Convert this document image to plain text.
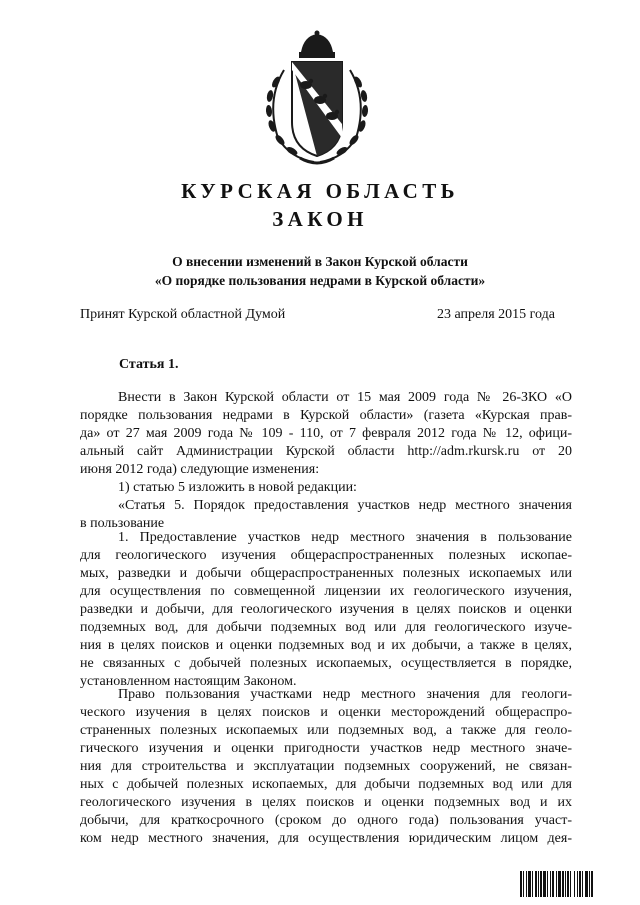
КУРСКАЯ ОБЛАСТЬ
ЗАКОН
О внесении изменений в Закон Курской области
«О порядке пользования недрами в Курской области»
Принят Курской областной Думой	23 апреля 2015 года
Статья 1.
Внести в Закон Курской области от 15 мая 2009 года № 26-ЗКО «О
порядке пользования недрами в Курской области» (газета «Курская прав-
да» от 27 мая 2009 года № 109 - 110, от 7 февраля 2012 года № 12, офици-
альный сайт Администрации Курской области http://adm.rkursk.ru от 20
июня 2012 года) следующие изменения:
1) статью 5 изложить в новой редакции:
«Статья 5. Порядок предоставления участков недр местного значения
в пользование
1. Предоставление участков недр местного значения в пользование
для геологического изучения общераспространенных полезных ископае-
мых, разведки и добычи общераспространенных полезных ископаемых или
для осуществления по совмещенной лицензии их геологического изучения,
разведки и добычи, для геологического изучения в целях поисков и оценки
подземных вод, для добычи подземных вод или для геологического изуче-
ния в целях поисков и оценки подземных вод и их добычи, а также в целях,
не связанных с добычей полезных ископаемых, осуществляется в порядке,
установленном настоящим Законом.
Право пользования участками недр местного значения для геологи-
ческого изучения в целях поисков и оценки месторождений общераспро-
страненных полезных ископаемых или подземных вод, а также для геоло-
гического изучения и оценки пригодности участков недр местного значе-
ния для строительства и эксплуатации подземных сооружений, не связан-
ных с добычей полезных ископаемых, для добычи подземных вод или для
геологического изучения в целях поисков и оценки подземных вод и их
добычи, для краткосрочного (сроком до одного года) пользования участ-
ком недр местного значения, для осуществления юридическим лицом дея-
